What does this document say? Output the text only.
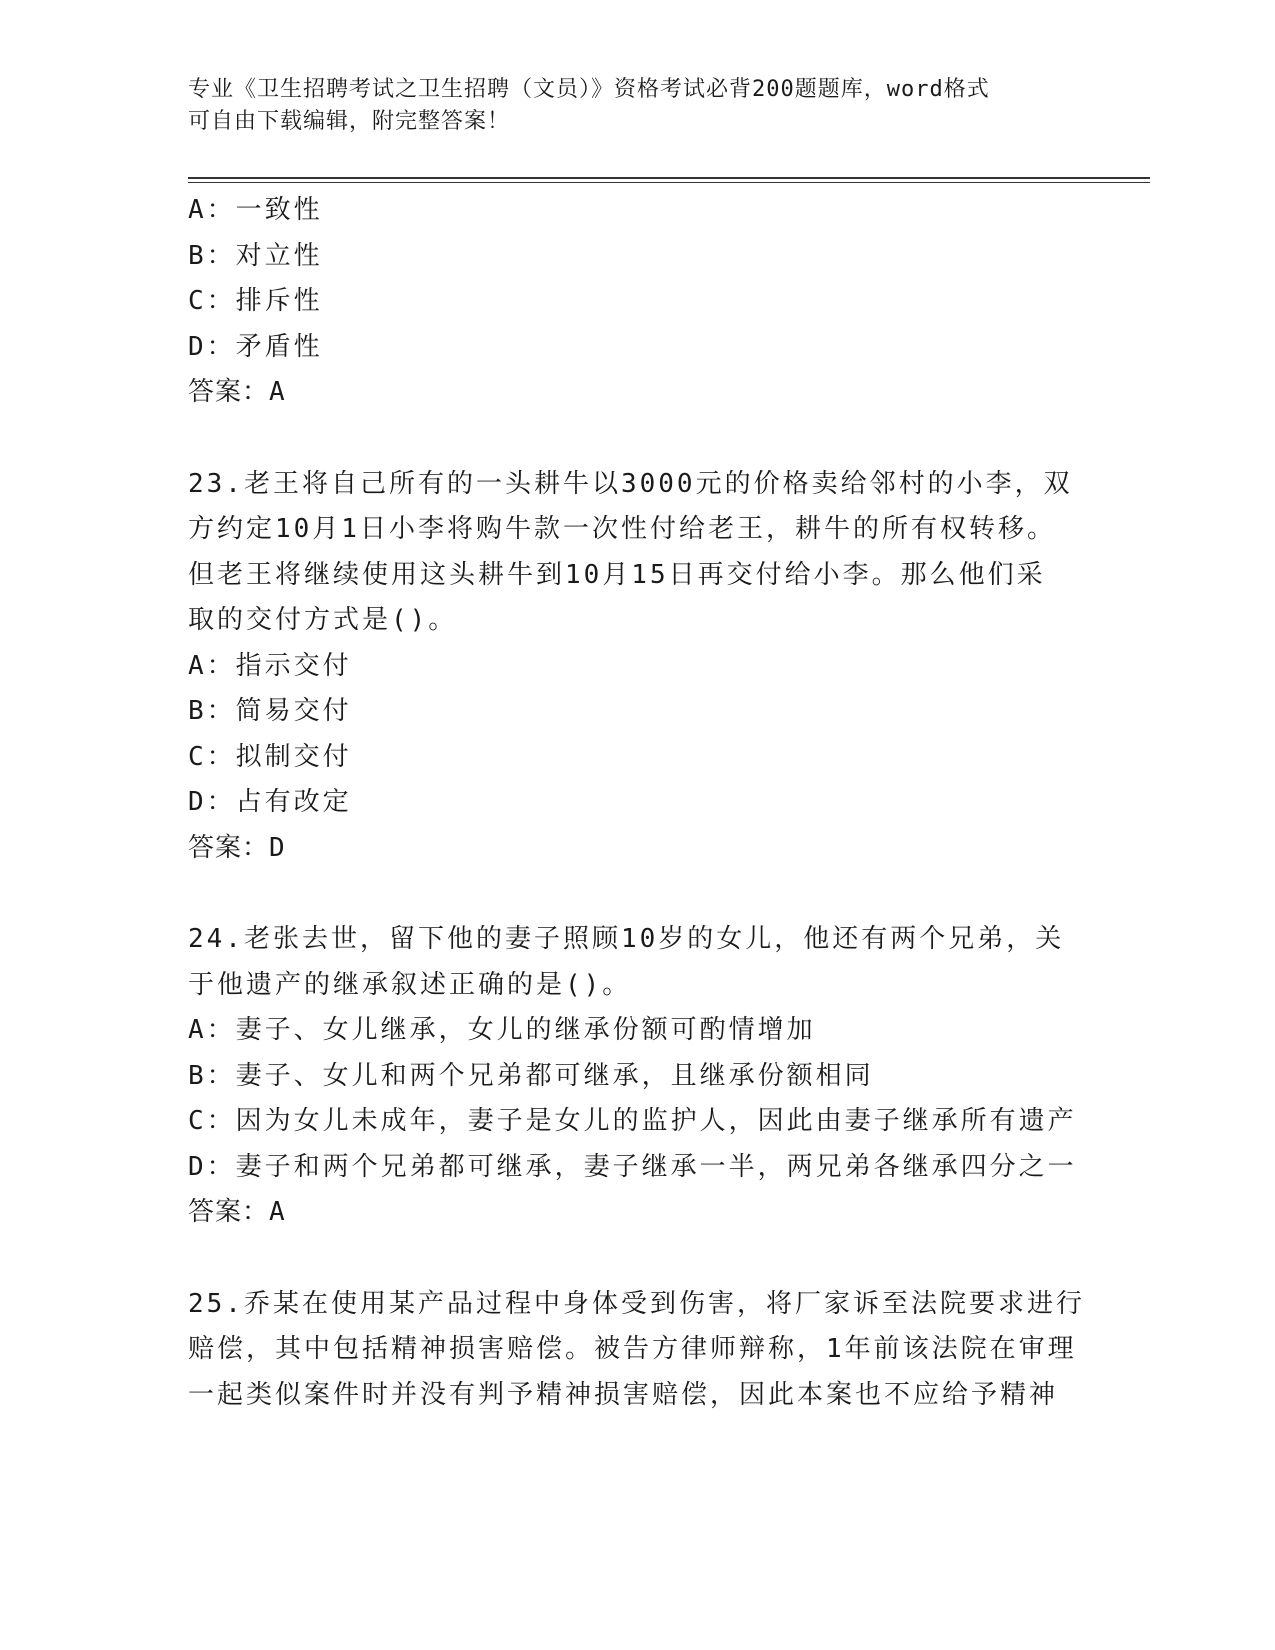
专业《卫生招聘考试之卫生招聘（文员）》资格考试必背200题题库，word格式
可自由下载编辑，附完整答案！
A：一致性
B：对立性
C：排斥性
D：矛盾性
答案：A
23.老王将自己所有的一头耕牛以3000元的价格卖给邻村的小李，双
方约定10月1日小李将购牛款一次性付给老王，耕牛的所有权转移。
但老王将继续使用这头耕牛到10月15日再交付给小李。那么他们采
取的交付方式是()。
A：指示交付
B：简易交付
C：拟制交付
D：占有改定
答案：D
24.老张去世，留下他的妻子照顾10岁的女儿，他还有两个兄弟，关
于他遗产的继承叙述正确的是()。
A：妻子、女儿继承，女儿的继承份额可酌情增加
B：妻子、女儿和两个兄弟都可继承，且继承份额相同
C：因为女儿未成年，妻子是女儿的监护人，因此由妻子继承所有遗产
D：妻子和两个兄弟都可继承，妻子继承一半，两兄弟各继承四分之一
答案：A
25.乔某在使用某产品过程中身体受到伤害，将厂家诉至法院要求进行
赔偿，其中包括精神损害赔偿。被告方律师辩称，1年前该法院在审理
一起类似案件时并没有判予精神损害赔偿，因此本案也不应给予精神
